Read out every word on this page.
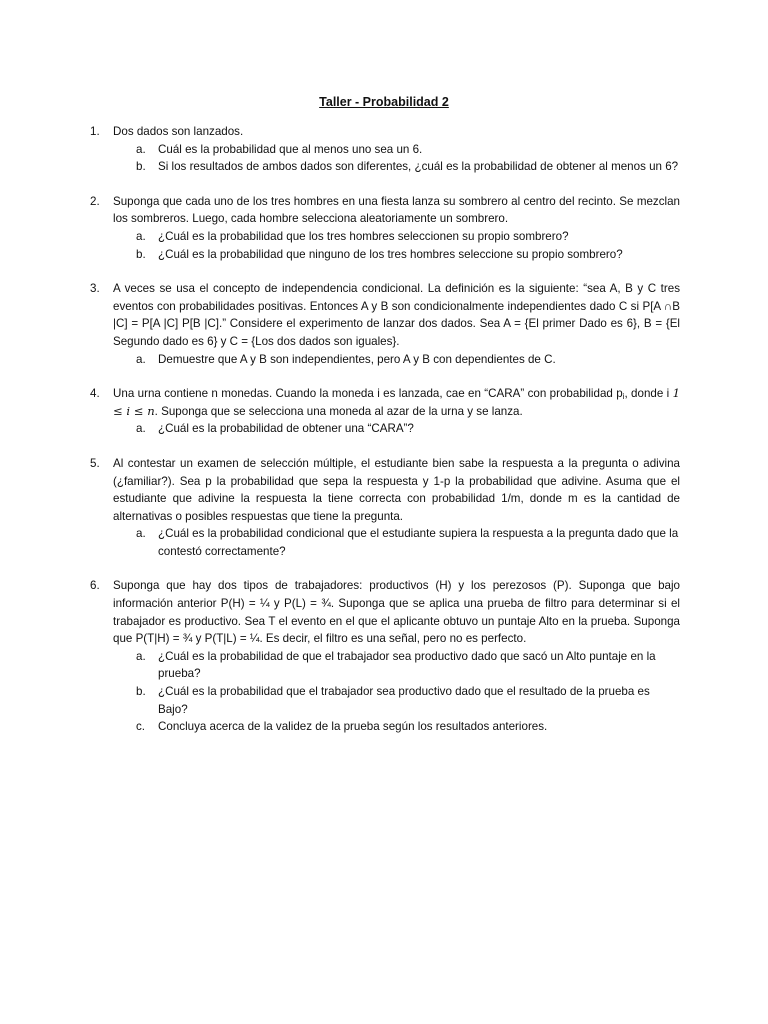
Taller - Probabilidad 2
1. Dos dados son lanzados.
a. Cuál es la probabilidad que al menos uno sea un 6.
b. Si los resultados de ambos dados son diferentes, ¿cuál es la probabilidad de obtener al menos un 6?
2. Suponga que cada uno de los tres hombres en una fiesta lanza su sombrero al centro del recinto. Se mezclan los sombreros. Luego, cada hombre selecciona aleatoriamente un sombrero.
a. ¿Cuál es la probabilidad que los tres hombres seleccionen su propio sombrero?
b. ¿Cuál es la probabilidad que ninguno de los tres hombres seleccione su propio sombrero?
3. A veces se usa el concepto de independencia condicional. La definición es la siguiente: “sea A, B y C tres eventos con probabilidades positivas. Entonces A y B son condicionalmente independientes dado C si P[A ∩B |C] = P[A |C] P[B |C].” Considere el experimento de lanzar dos dados. Sea A = {El primer Dado es 6}, B = {El Segundo dado es 6} y C = {Los dos dados son iguales}.
a. Demuestre que A y B son independientes, pero A y B con dependientes de C.
4. Una urna contiene n monedas. Cuando la moneda i es lanzada, cae en “CARA” con probabilidad $p_i$, donde i 1 ≤ i ≤ n. Suponga que se selecciona una moneda al azar de la urna y se lanza.
a. ¿Cuál es la probabilidad de obtener una “CARA”?
5. Al contestar un examen de selección múltiple, el estudiante bien sabe la respuesta a la pregunta o adivina (¿familiar?). Sea p la probabilidad que sepa la respuesta y 1-p la probabilidad que adivine. Asuma que el estudiante que adivine la respuesta la tiene correcta con probabilidad 1/m, donde m es la cantidad de alternativas o posibles respuestas que tiene la pregunta.
a. ¿Cuál es la probabilidad condicional que el estudiante supiera la respuesta a la pregunta dado que la contestó correctamente?
6. Suponga que hay dos tipos de trabajadores: productivos (H) y los perezosos (P). Suponga que bajo información anterior P(H) = ¼ y P(L) = ¾. Suponga que se aplica una prueba de filtro para determinar si el trabajador es productivo. Sea T el evento en el que el aplicante obtuvo un puntaje Alto en la prueba. Suponga que P(T|H) = ¾ y P(T|L) = ¼. Es decir, el filtro es una señal, pero no es perfecto.
a. ¿Cuál es la probabilidad de que el trabajador sea productivo dado que sacó un Alto puntaje en la prueba?
b. ¿Cuál es la probabilidad que el trabajador sea productivo dado que el resultado de la prueba es Bajo?
c. Concluya acerca de la validez de la prueba según los resultados anteriores.
